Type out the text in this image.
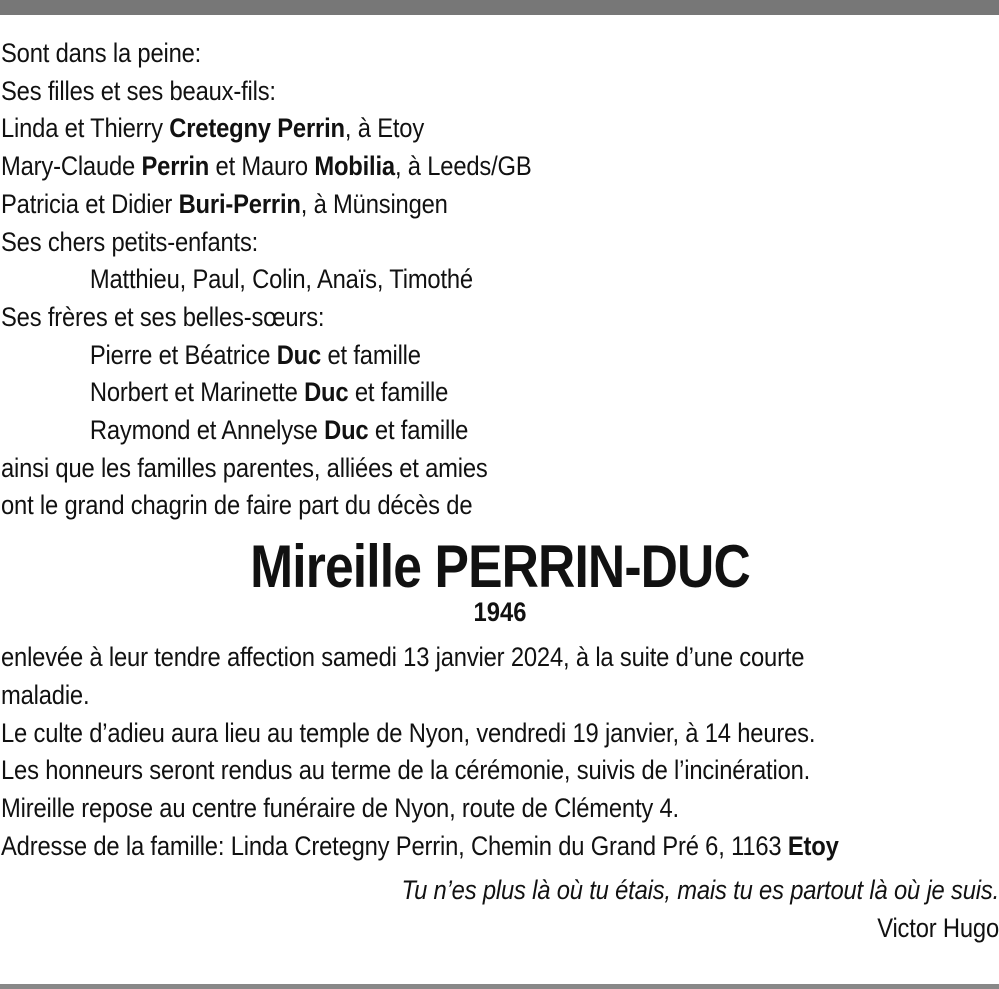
Sont dans la peine:
Ses filles et ses beaux-fils:
Linda et Thierry Cretegny Perrin, à Etoy
Mary-Claude Perrin et Mauro Mobilia, à Leeds/GB
Patricia et Didier Buri-Perrin, à Münsingen
Ses chers petits-enfants:
Matthieu, Paul, Colin, Anaïs, Timothé
Ses frères et ses belles-sœurs:
Pierre et Béatrice Duc et famille
Norbert et Marinette Duc et famille
Raymond et Annelyse Duc et famille
ainsi que les familles parentes, alliées et amies
ont le grand chagrin de faire part du décès de
Mireille PERRIN-DUC
1946
enlevée à leur tendre affection samedi 13 janvier 2024, à la suite d’une courte
maladie.
Le culte d’adieu aura lieu au temple de Nyon, vendredi 19 janvier, à 14 heures.
Les honneurs seront rendus au terme de la cérémonie, suivis de l’incinération.
Mireille repose au centre funéraire de Nyon, route de Clémenty 4.
Adresse de la famille: Linda Cretegny Perrin, Chemin du Grand Pré 6, 1163 Etoy
Tu n’es plus là où tu étais, mais tu es partout là où je suis.
Victor Hugo
